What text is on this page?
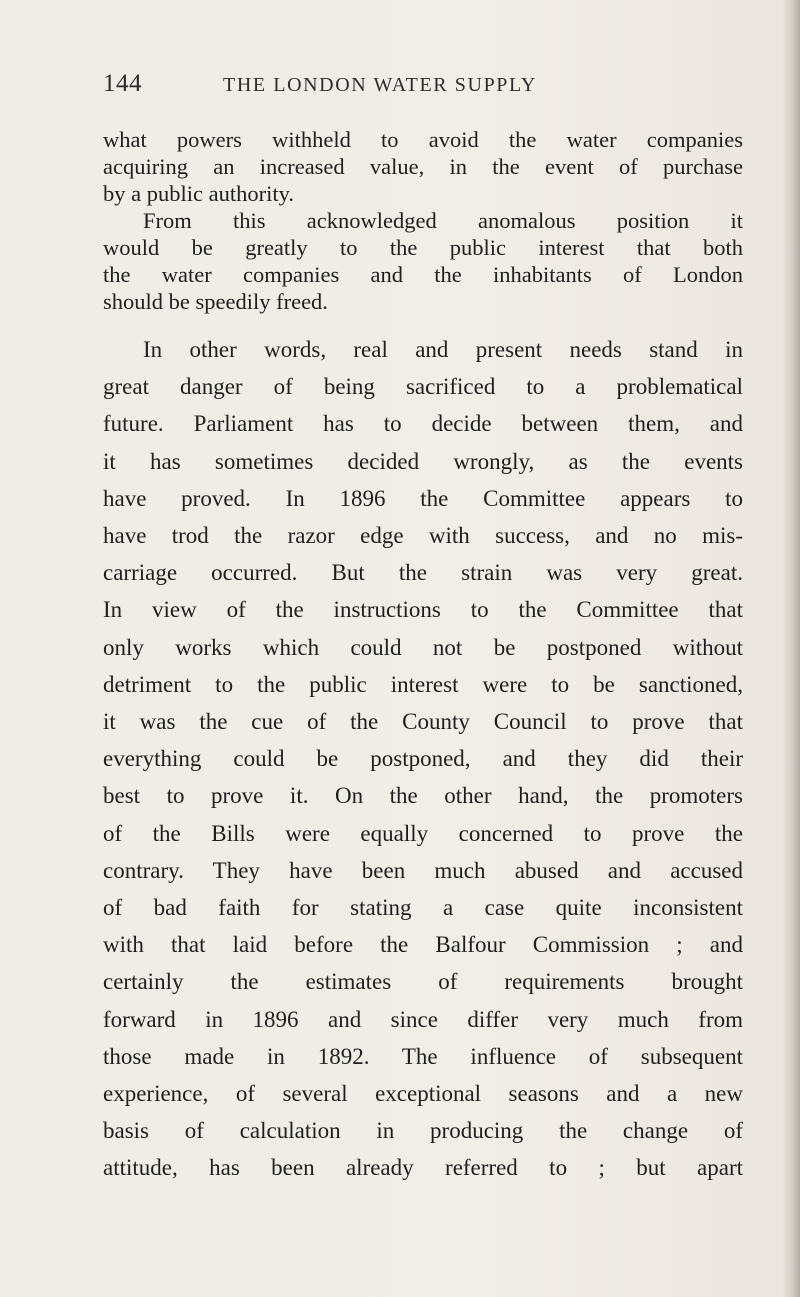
144	THE LONDON WATER SUPPLY

what powers withheld to avoid the water companies
acquiring an increased value, in the event of purchase
by a public authority.

From this acknowledged anomalous position it
would be greatly to the public interest that both
the water companies and the inhabitants of London
should be speedily freed.

In other words, real and present needs stand in
great danger of being sacrificed to a problematical
future. Parliament has to decide between them, and
it has sometimes decided wrongly, as the events
have proved. In 1896 the Committee appears to
have trod the razor edge with success, and no mis-
carriage occurred. But the strain was very great.
In view of the instructions to the Committee that
only works which could not be postponed without
detriment to the public interest were to be sanctioned,
it was the cue of the County Council to prove that
everything could be postponed, and they did their
best to prove it. On the other hand, the promoters
of the Bills were equally concerned to prove the
contrary. They have been much abused and accused
of bad faith for stating a case quite inconsistent
with that laid before the Balfour Commission ; and
certainly the estimates of requirements brought
forward in 1896 and since differ very much from
those made in 1892. The influence of subsequent
experience, of several exceptional seasons and a new
basis of calculation in producing the change of
attitude, has been already referred to ; but apart
